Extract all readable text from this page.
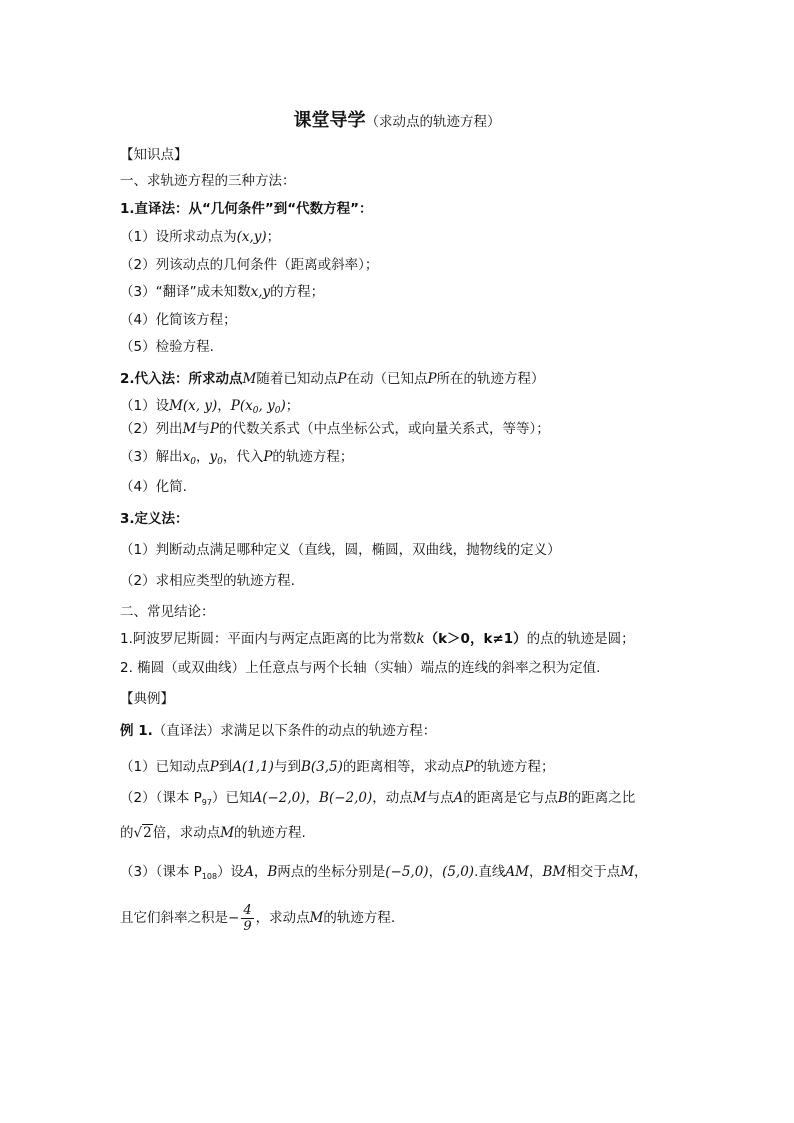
课堂导学（求动点的轨迹方程）
【知识点】
一、求轨迹方程的三种方法：
1.直译法：从“几何条件”到“代数方程”：
（1）设所求动点为(x,y)；
（2）列该动点的几何条件（距离或斜率）；
（3）“翻译”成未知数x,y的方程；
（4）化简该方程；
（5）检验方程.
2.代入法：所求动点M随着已知动点P在动（已知点P所在的轨迹方程）
（1）设M(x, y)，$P(x_0$, $y_0$)；
（2）列出M与P的代数关系式（中点坐标公式，或向量关系式，等等）；
（3）解出$x_0$，$y_0$，代入P的轨迹方程；
（4）化简.
3.定义法：
（1）判断动点满足哪种定义（直线，圆，椭圆，双曲线，抛物线的定义）
（2）求相应类型的轨迹方程.
二、常见结论：
1.阿波罗尼斯圆：平面内与两定点距离的比为常数k（k＞0，k≠1）的点的轨迹是圆；
2. 椭圆（或双曲线）上任意点与两个长轴（实轴）端点的连线的斜率之积为定值.
【典例】
例 1.（直译法）求满足以下条件的动点的轨迹方程：
（1）已知动点P到A(1,1)与到B(3,5)的距离相等，求动点P的轨迹方程；
（2）（课本 $P_{97}$）已知A(−2,0)，B(−2,0)，动点M与点A的距离是它与点B的距离之比
的√2倍，求动点M的轨迹方程.
（3）（课本 $P_{108}$）设A，B两点的坐标分别是(−5,0)，(5,0).直线AM，BM相交于点M，
且它们斜率之积是− $\frac{4}{9}$ ，求动点M的轨迹方程.
